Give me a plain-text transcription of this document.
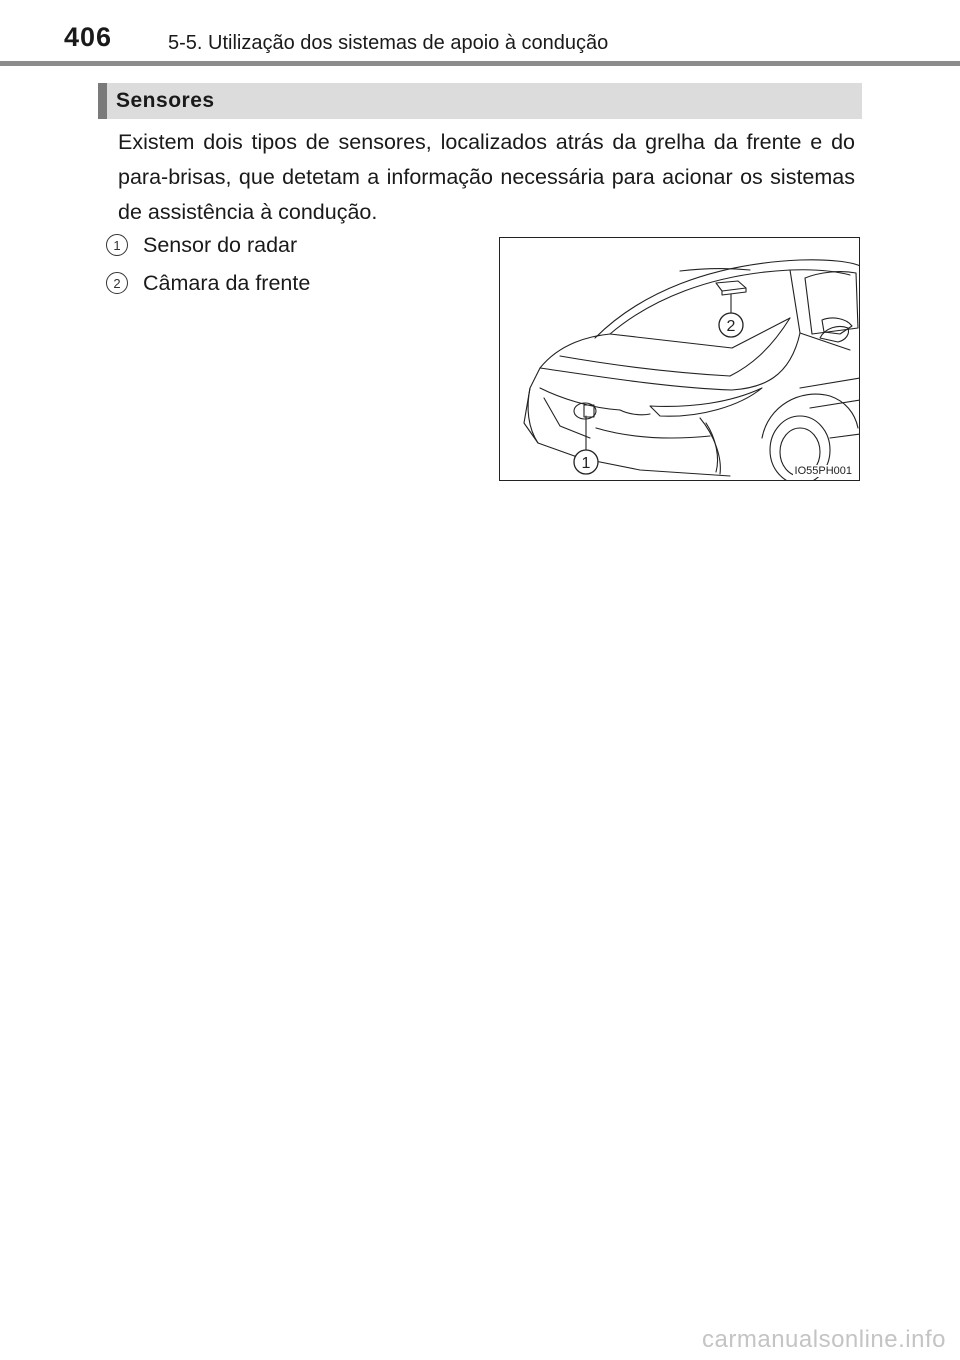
406	5-5. Utilização dos sistemas de apoio à condução
Sensores
Existem dois tipos de sensores, localizados atrás da grelha da frente e do para-brisas, que detetam a informação necessária para acionar os sistemas de assistência à condução.
1	Sensor do radar
2	Câmara da frente
1
2
IO55PH001
carmanualsonline.info
